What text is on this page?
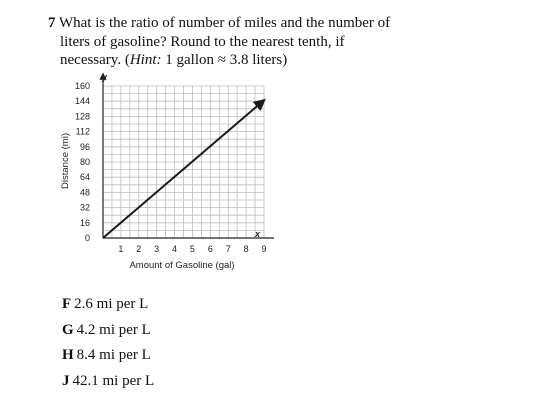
7 What is the ratio of number of miles and the number of
liters of gasoline? Round to the nearest tenth, if
necessary. (Hint: 1 gallon ≈ 3.8 liters)
1 2 3 4 5 6 7 8 9
0
16
32
48
64
80
96
112
128
144
160
Amount of Gasoline (gal)
Distance (mi)
x
y
F 2.6 mi per L
G 4.2 mi per L
H 8.4 mi per L
J 42.1 mi per L
